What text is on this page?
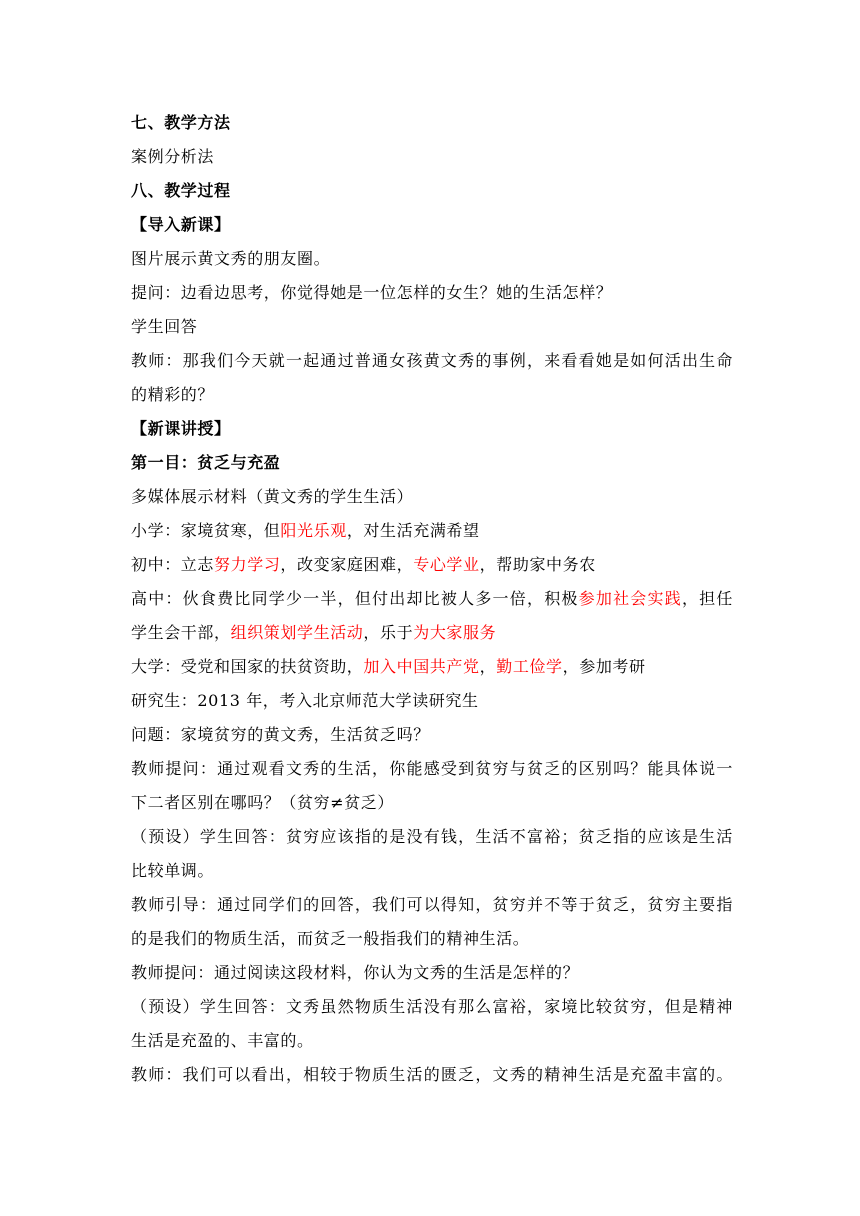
七、教学方法
案例分析法
八、教学过程
【导入新课】
图片展示黄文秀的朋友圈。
提问：边看边思考，你觉得她是一位怎样的女生？她的生活怎样？
学生回答
教师：那我们今天就一起通过普通女孩黄文秀的事例，来看看她是如何活出生命
的精彩的？
【新课讲授】
第一目：贫乏与充盈
多媒体展示材料（黄文秀的学生生活）
小学：家境贫寒，但阳光乐观，对生活充满希望
初中：立志努力学习，改变家庭困难，专心学业，帮助家中务农
高中：伙食费比同学少一半，但付出却比被人多一倍，积极参加社会实践，担任
学生会干部，组织策划学生活动，乐于为大家服务
大学：受党和国家的扶贫资助，加入中国共产党，勤工俭学，参加考研
研究生：2013 年，考入北京师范大学读研究生
问题：家境贫穷的黄文秀，生活贫乏吗？
教师提问：通过观看文秀的生活，你能感受到贫穷与贫乏的区别吗？能具体说一
下二者区别在哪吗？（贫穷≠贫乏）
（预设）学生回答：贫穷应该指的是没有钱，生活不富裕；贫乏指的应该是生活
比较单调。
教师引导：通过同学们的回答，我们可以得知，贫穷并不等于贫乏，贫穷主要指
的是我们的物质生活，而贫乏一般指我们的精神生活。
教师提问：通过阅读这段材料，你认为文秀的生活是怎样的？
（预设）学生回答：文秀虽然物质生活没有那么富裕，家境比较贫穷，但是精神
生活是充盈的、丰富的。
教师：我们可以看出，相较于物质生活的匮乏，文秀的精神生活是充盈丰富的。
